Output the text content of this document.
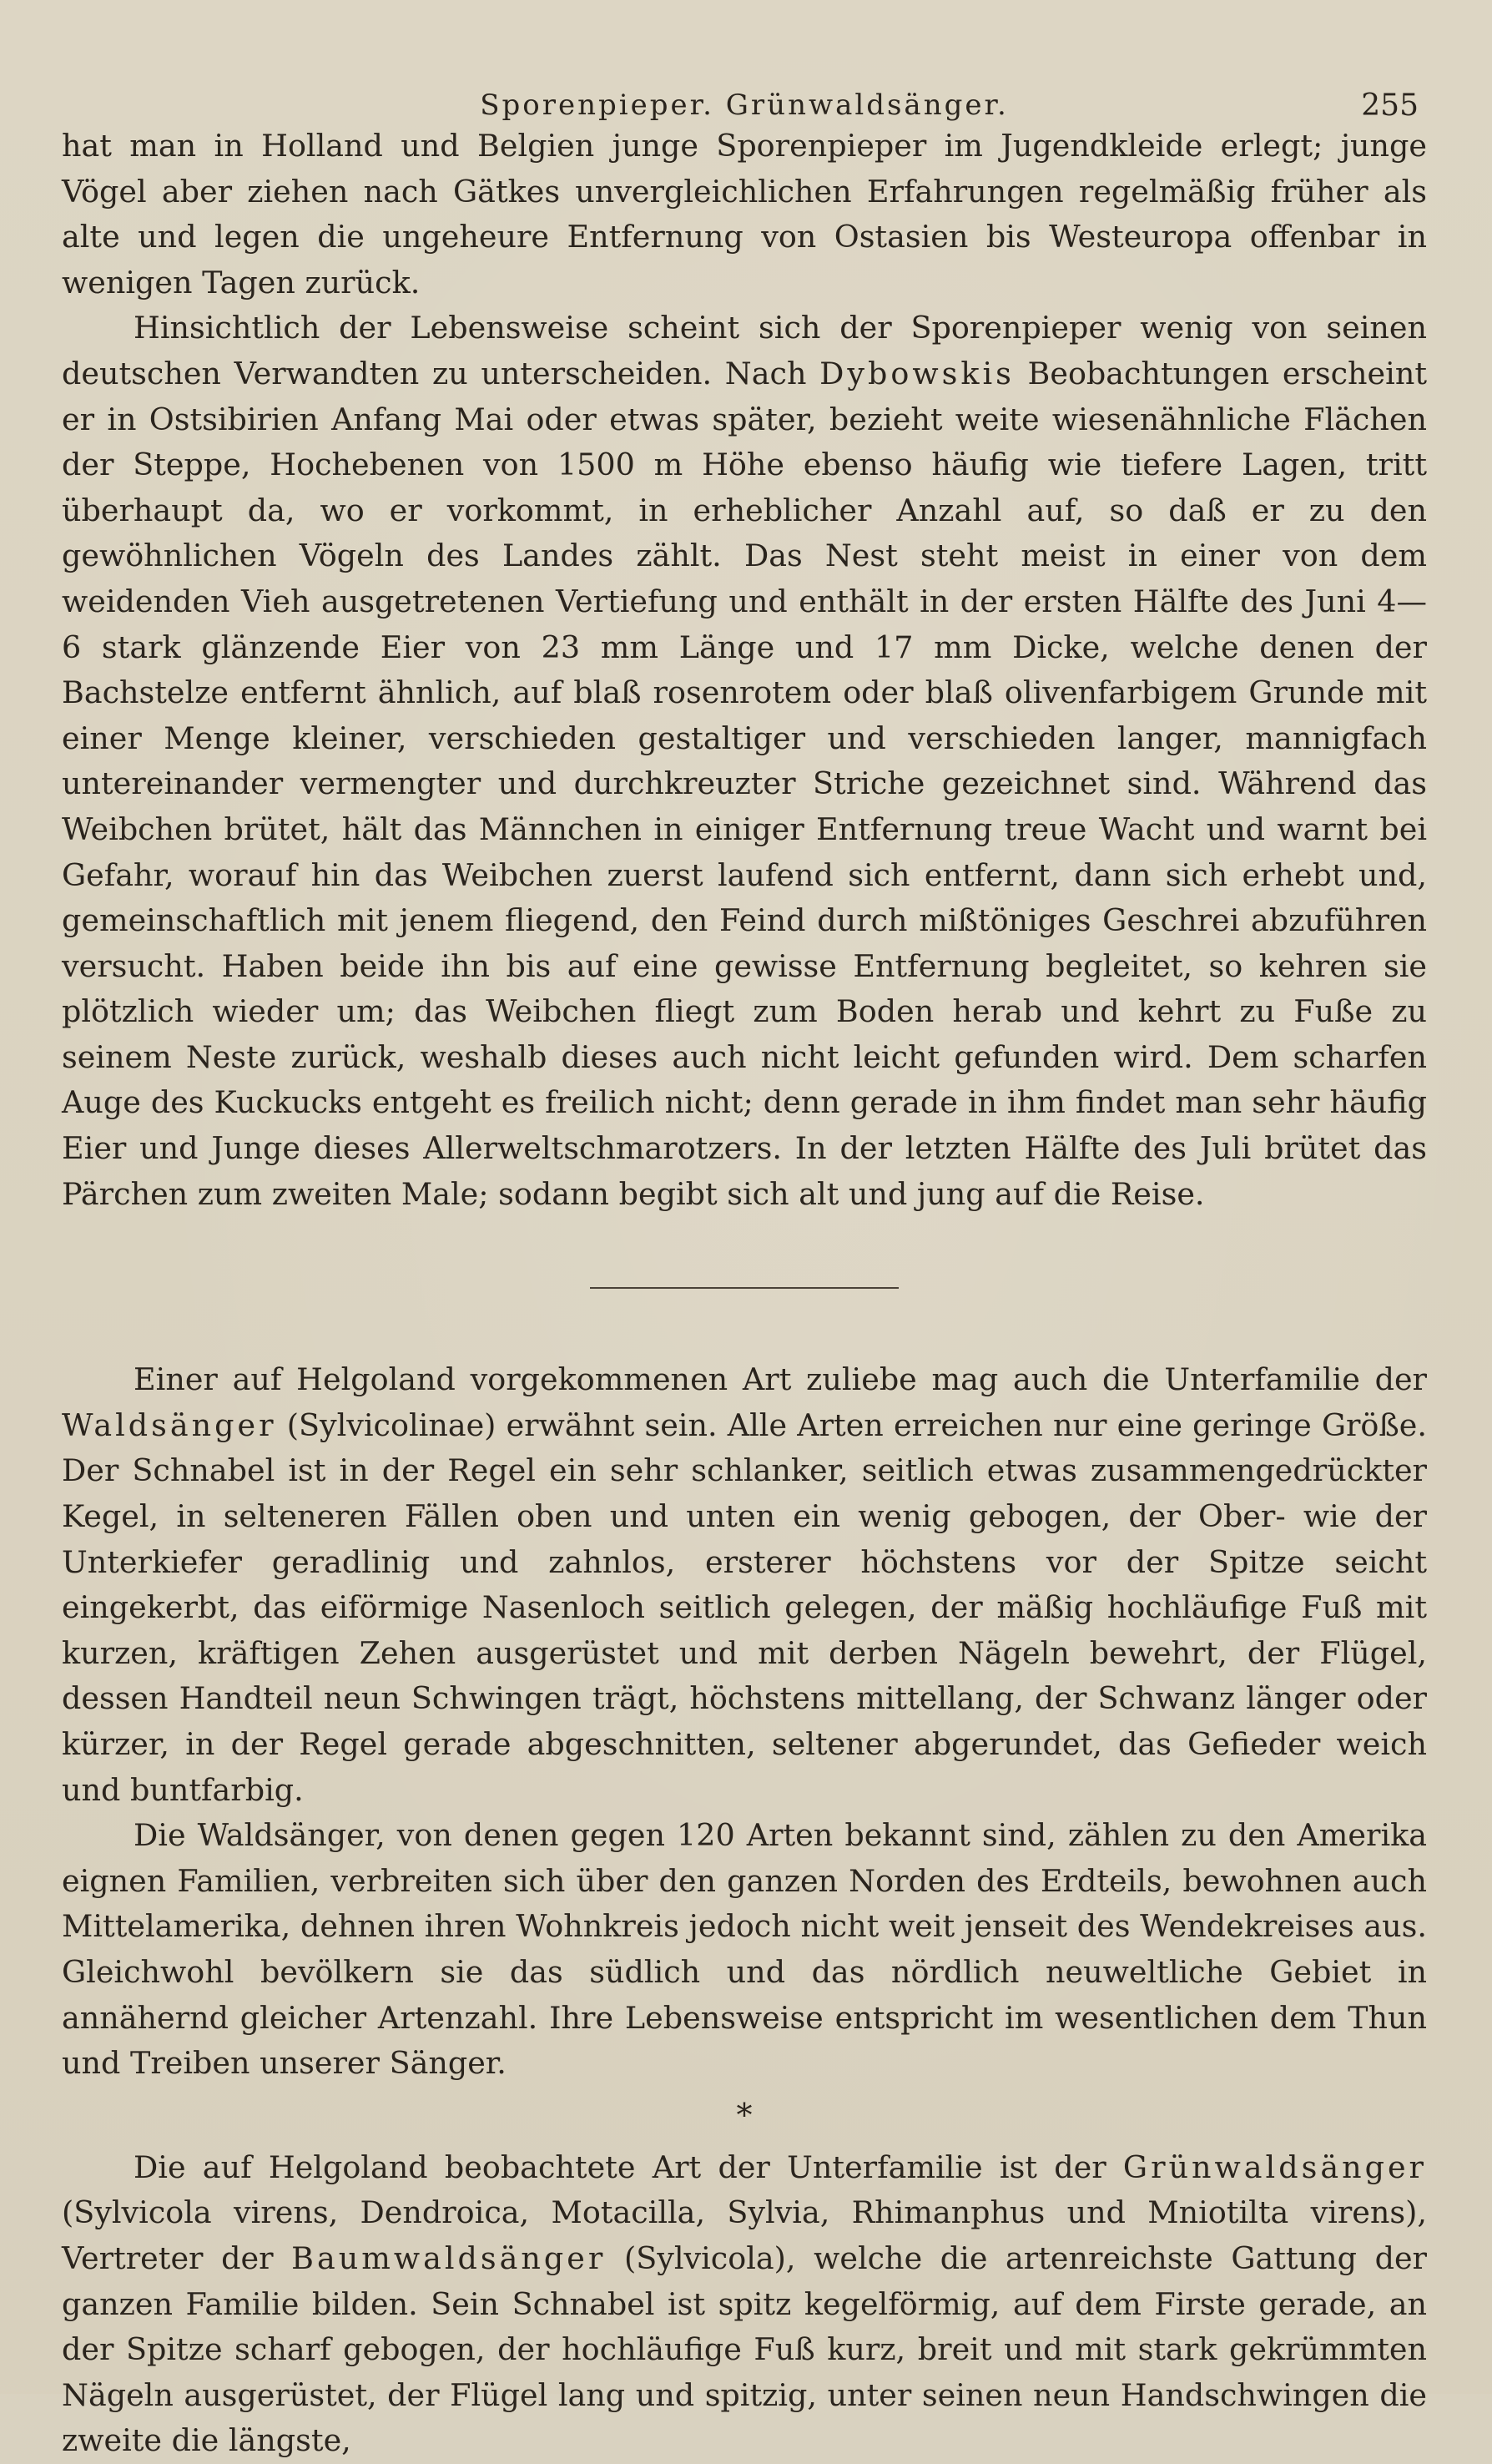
Sporenpieper. Grünwaldsänger.	255

hat man in Holland und Belgien junge Sporenpieper im Jugendkleide erlegt; junge Vögel aber ziehen nach Gätkes unvergleichlichen Erfahrungen regelmäßig früher als alte und legen die ungeheure Entfernung von Ostasien bis Westeuropa offenbar in wenigen Tagen zurück.

Hinsichtlich der Lebensweise scheint sich der Sporenpieper wenig von seinen deutschen Verwandten zu unterscheiden. Nach Dybowskis Beobachtungen erscheint er in Ostsibirien Anfang Mai oder etwas später, bezieht weite wiesenähnliche Flächen der Steppe, Hochebenen von 1500 m Höhe ebenso häufig wie tiefere Lagen, tritt überhaupt da, wo er vorkommt, in erheblicher Anzahl auf, so daß er zu den gewöhnlichen Vögeln des Landes zählt. Das Nest steht meist in einer von dem weidenden Vieh ausgetretenen Vertiefung und enthält in der ersten Hälfte des Juni 4—6 stark glänzende Eier von 23 mm Länge und 17 mm Dicke, welche denen der Bachstelze entfernt ähnlich, auf blaß rosenrotem oder blaß olivenfarbigem Grunde mit einer Menge kleiner, verschieden gestaltiger und verschieden langer, mannigfach untereinander vermengter und durchkreuzter Striche gezeichnet sind. Während das Weibchen brütet, hält das Männchen in einiger Entfernung treue Wacht und warnt bei Gefahr, worauf hin das Weibchen zuerst laufend sich entfernt, dann sich erhebt und, gemeinschaftlich mit jenem fliegend, den Feind durch mißtöniges Geschrei abzuführen versucht. Haben beide ihn bis auf eine gewisse Entfernung begleitet, so kehren sie plötzlich wieder um; das Weibchen fliegt zum Boden herab und kehrt zu Fuße zu seinem Neste zurück, weshalb dieses auch nicht leicht gefunden wird. Dem scharfen Auge des Kuckucks entgeht es freilich nicht; denn gerade in ihm findet man sehr häufig Eier und Junge dieses Allerweltschmarotzers. In der letzten Hälfte des Juli brütet das Pärchen zum zweiten Male; sodann begibt sich alt und jung auf die Reise.

Einer auf Helgoland vorgekommenen Art zuliebe mag auch die Unterfamilie der Waldsänger (Sylvicolinae) erwähnt sein. Alle Arten erreichen nur eine geringe Größe. Der Schnabel ist in der Regel ein sehr schlanker, seitlich etwas zusammengedrückter Kegel, in selteneren Fällen oben und unten ein wenig gebogen, der Ober- wie der Unterkiefer geradlinig und zahnlos, ersterer höchstens vor der Spitze seicht eingekerbt, das eiförmige Nasenloch seitlich gelegen, der mäßig hochläufige Fuß mit kurzen, kräftigen Zehen ausgerüstet und mit derben Nägeln bewehrt, der Flügel, dessen Handteil neun Schwingen trägt, höchstens mittellang, der Schwanz länger oder kürzer, in der Regel gerade abgeschnitten, seltener abgerundet, das Gefieder weich und buntfarbig.

Die Waldsänger, von denen gegen 120 Arten bekannt sind, zählen zu den Amerika eignen Familien, verbreiten sich über den ganzen Norden des Erdteils, bewohnen auch Mittelamerika, dehnen ihren Wohnkreis jedoch nicht weit jenseit des Wendekreises aus. Gleichwohl bevölkern sie das südlich und das nördlich neuweltliche Gebiet in annähernd gleicher Artenzahl. Ihre Lebensweise entspricht im wesentlichen dem Thun und Treiben unserer Sänger.

*

Die auf Helgoland beobachtete Art der Unterfamilie ist der Grünwaldsänger (Sylvicola virens, Dendroica, Motacilla, Sylvia, Rhimanphus und Mniotilta virens), Vertreter der Baumwaldsänger (Sylvicola), welche die artenreichste Gattung der ganzen Familie bilden. Sein Schnabel ist spitz kegelförmig, auf dem Firste gerade, an der Spitze scharf gebogen, der hochläufige Fuß kurz, breit und mit stark gekrümmten Nägeln ausgerüstet, der Flügel lang und spitzig, unter seinen neun Handschwingen die zweite die längste,
